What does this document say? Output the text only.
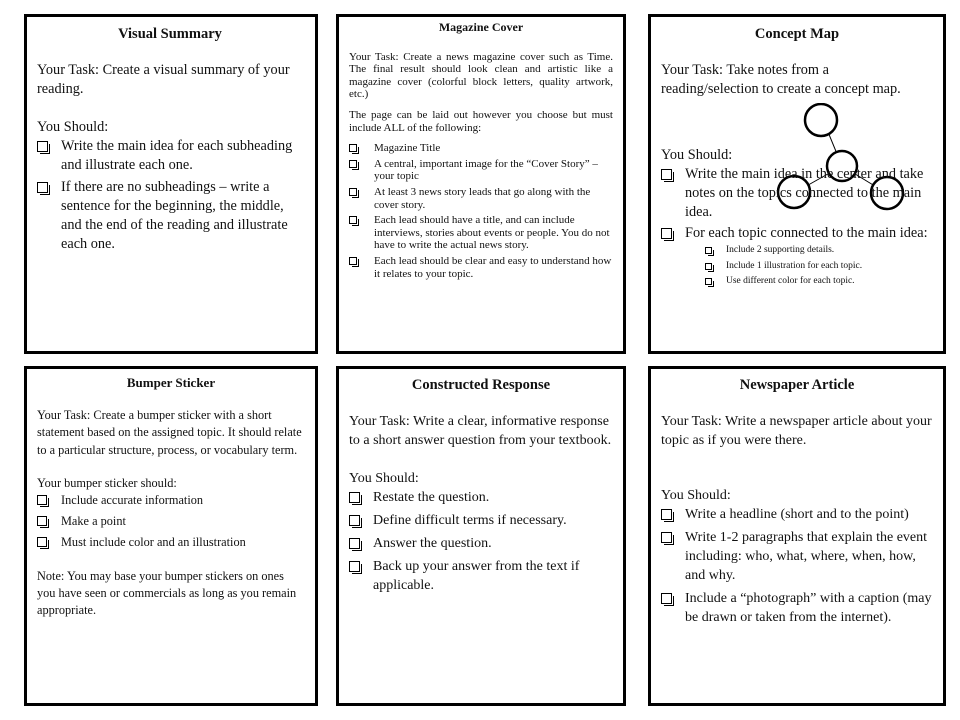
Visual Summary

Your Task: Create a visual summary of your reading.

You Should:
Write the main idea for each subheading and illustrate each one.
If there are no subheadings – write a sentence for the beginning, the middle, and the end of the reading and illustrate each one.
Magazine Cover

Your Task: Create a news magazine cover such as Time. The final result should look clean and artistic like a magazine cover (colorful block letters, quality artwork, etc.)

The page can be laid out however you choose but must include ALL of the following:

Magazine Title
A central, important image for the “Cover Story” – your topic
At least 3 news story leads that go along with the cover story.
Each lead should have a title, and can include interviews, stories about events or people. You do not have to write the actual news story.
Each lead should be clear and easy to understand how it relates to your topic.
Concept Map

Your Task: Take notes from a reading/selection to create a concept map.

You Should:
Write the main idea in the center and take notes on the topics connected to the main idea.
For each topic connected to the main idea:
Include 2 supporting details.
Include 1 illustration for each topic.
Use different color for each topic.
Bumper Sticker

Your Task: Create a bumper sticker with a short statement based on the assigned topic. It should relate to a particular structure, process, or vocabulary term.

Your bumper sticker should:
Include accurate information
Make a point
Must include color and an illustration

Note: You may base your bumper stickers on ones you have seen or commercials as long as you remain appropriate.

Constructed Response

Your Task: Write a clear, informative response to a short answer question from your textbook.

You Should:
Restate the question.
Define difficult terms if necessary.
Answer the question.
Back up your answer from the text if applicable.
Newspaper Article

Your Task: Write a newspaper article about your topic as if you were there.

You Should:
Write a headline (short and to the point)
Write 1-2 paragraphs that explain the event including: who, what, where, when, how, and why.
Include a “photograph” with a caption (may be drawn or taken from the internet).
